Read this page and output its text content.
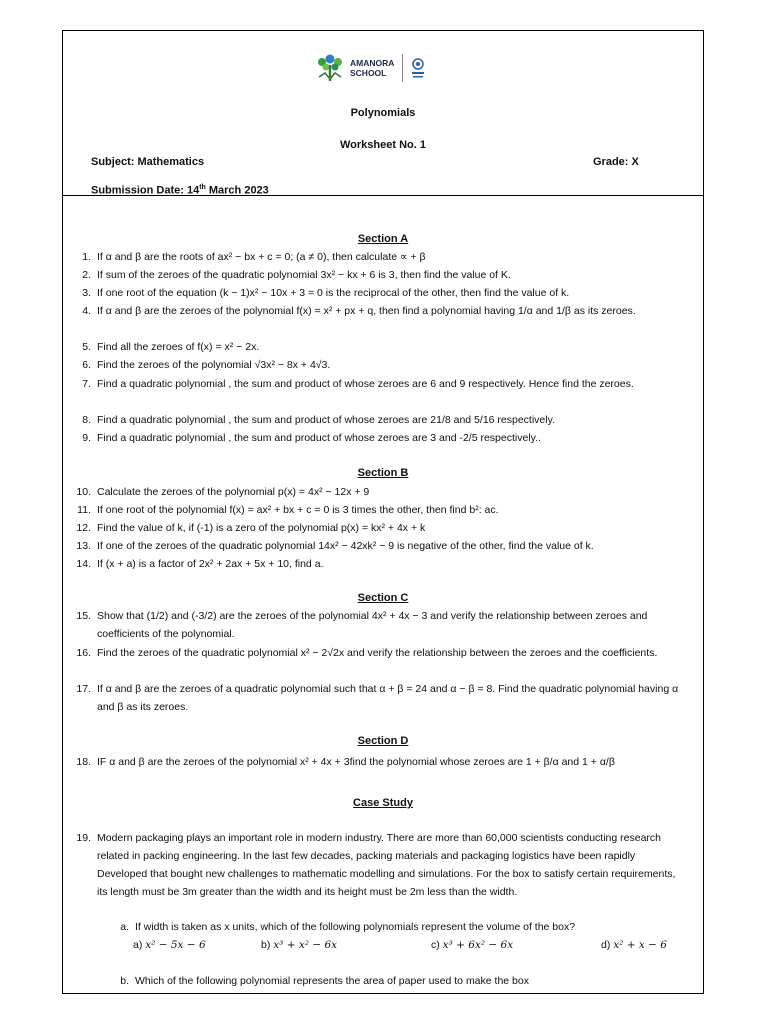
AMANORA
SCHOOL
Polynomials
Worksheet No. 1
Subject: Mathematics	Grade: X
Submission Date: 14th March 2023
Section A
1. If α and β are the roots of ax² − bx + c = 0; (a ≠ 0), then calculate ∝ + β
2. If sum of the zeroes of the quadratic polynomial 3x² − kx + 6 is 3, then find the value of K.
3. If one root of the equation (k − 1)x² − 10x + 3 = 0 is the reciprocal of the other, then find the value of k.
4. If α and β are the zeroes of the polynomial f(x) = x² + px + q, then find a polynomial having 1/α and 1/β as its zeroes.
5. Find all the zeroes of f(x) = x² − 2x.
6. Find the zeroes of the polynomial √3x² − 8x + 4√3.
7. Find a quadratic polynomial , the sum and product of whose zeroes are 6 and 9 respectively. Hence find the zeroes.
8. Find a quadratic polynomial , the sum and product of whose zeroes are 21/8 and 5/16 respectively.
9. Find a quadratic polynomial , the sum and product of whose zeroes are 3 and -2/5 respectively..
Section B
10. Calculate the zeroes of the polynomial p(x) = 4x² − 12x + 9
11. If one root of the polynomial f(x) = ax² + bx + c = 0 is 3 times the other, then find b²: ac.
12. Find the value of k, if (-1) is a zero of the polynomial p(x) = kx² + 4x + k
13. If one of the zeroes of the quadratic polynomial 14x² − 42xk² − 9 is negative of the other, find the value of k.
14. If (x + a) is a factor of 2x² + 2ax + 5x + 10, find a.
Section C
15. Show that (1/2) and (-3/2) are the zeroes of the polynomial 4x² + 4x − 3 and verify the relationship between zeroes and coefficients of the polynomial.
16. Find the zeroes of the quadratic polynomial x² − 2√2x and verify the relationship between the zeroes and the coefficients.
17. If α and β are the zeroes of a quadratic polynomial such that α + β = 24 and α − β = 8. Find the quadratic polynomial having α and β as its zeroes.
Section D
18. IF α and β are the zeroes of the polynomial x² + 4x + 3find the polynomial whose zeroes are 1 + β/α and 1 + α/β
Case Study
19. Modern packaging plays an important role in modern industry. There are more than 60,000 scientists conducting research related in packing engineering. In the last few decades, packing materials and packaging logistics have been rapidly Developed that bought new challenges to mathematic modelling and simulations. For the box to satisfy certain requirements, its length must be 3m greater than the width and its height must be 2m less than the width.
a. If width is taken as x units, which of the following polynomials represent the volume of the box?
a) x² − 5x − 6	b) x³ + x² − 6x	c) x³ + 6x² − 6x	d) x² + x − 6
b. Which of the following polynomial represents the area of paper used to make the box
